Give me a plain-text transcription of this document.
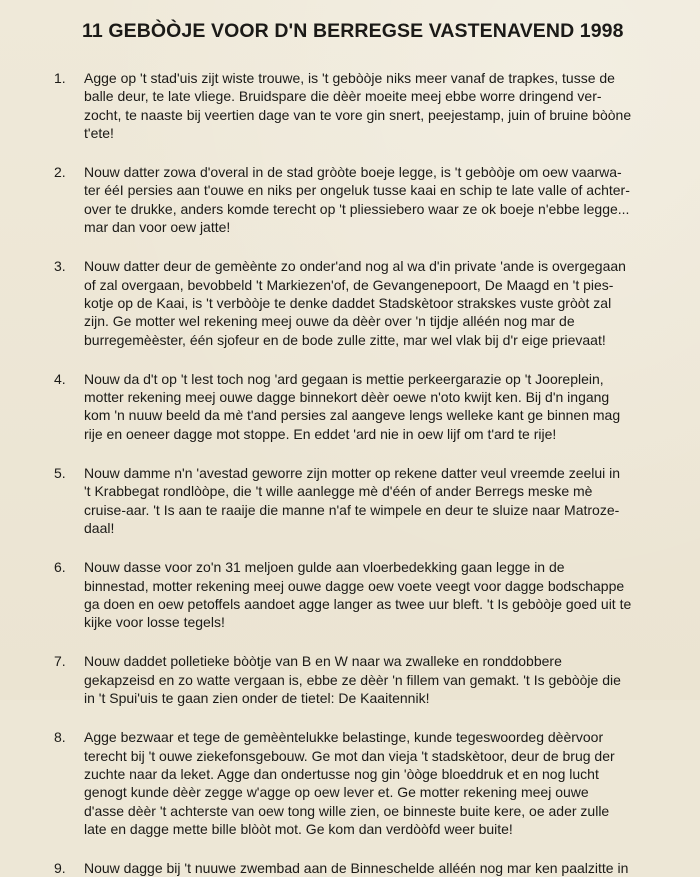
11 GEBÒÒJE VOOR D'N BERREGSE VASTENAVEND 1998
1. Agge op 't stad'uis zijt wiste trouwe, is 't gebòòje niks meer vanaf de trapkes, tusse de
balle deur, te late vliege. Bruidspare die dèèr moeite meej ebbe worre dringend ver-
zocht, te naaste bij veertien dage van te vore gin snert, peejestamp, juin of bruine bòòne
t'ete!

2. Nouw datter zowa d'overal in de stad gròòte boeje legge, is 't gebòòje om oew vaarwa-
ter ééI persies aan t'ouwe en niks per ongeluk tusse kaai en schip te late valle of achter-
over te drukke, anders komde terecht op 't pliessiebero waar ze ok boeje n'ebbe legge...
mar dan voor oew jatte!

3. Nouw datter deur de gemèènte zo onder'and nog al wa d'in private 'ande is overgegaan
of zal overgaan, bevobbeld 't Markiezen'of, de Gevangenepoort, De Maagd en 't pies-
kotje op de Kaai, is 't verbòòje te denke daddet Stadskètoor strakskes vuste gròòt zal
zijn. Ge motter wel rekening meej ouwe da dèèr over 'n tijdje alléén nog mar de
burregemèèster, één sjofeur en de bode zulle zitte, mar wel vlak bij d'r eige prievaat!

4. Nouw da d't op 't lest toch nog 'ard gegaan is mettie perkeergarazie op 't Jooreplein,
motter rekening meej ouwe dagge binnekort dèèr oewe n'oto kwijt ken. Bij d'n ingang
kom 'n nuuw beeld da mè t'and persies zal aangeve lengs welleke kant ge binnen mag
rije en oeneer dagge mot stoppe. En eddet 'ard nie in oew lijf om t'ard te rije!

5. Nouw damme n'n 'avestad geworre zijn motter op rekene datter veul vreemde zeelui in
't Krabbegat rondlòòpe, die 't wille aanlegge mè d'één of ander Berregs meske mè
cruise-aar. 't Is aan te raaije die manne n'af te wimpele en deur te sluize naar Matroze-
daal!

6. Nouw dasse voor zo'n 31 meljoen gulde aan vloerbedekking gaan legge in de
binnestad, motter rekening meej ouwe dagge oew voete veegt voor dagge bodschappe
ga doen en oew petoffels aandoet agge langer as twee uur bleft. 't Is gebòòje goed uit te
kijke voor losse tegels!

7. Nouw daddet polletieke bòòtje van B en W naar wa zwalleke en ronddobbere
gekapzeisd en zo watte vergaan is, ebbe ze dèèr 'n fillem van gemakt. 't Is gebòòje die
in 't Spui'uis te gaan zien onder de tietel: De Kaaitennik!

8. Agge bezwaar et tege de gemèèntelukke belastinge, kunde tegeswoordeg dèèrvoor
terecht bij 't ouwe ziekefonsgebouw. Ge mot dan vieja 't stadskètoor, deur de brug der
zuchte naar da leket. Agge dan ondertusse nog gin 'òòge bloeddruk et en nog lucht
genogt kunde dèèr zegge w'agge op oew lever et. Ge motter rekening meej ouwe
d'asse dèèr 't achterste van oew tong wille zien, oe binneste buite kere, oe ader zulle
late en dagge mette bille blòòt mot. Ge kom dan verdòòfd weer buite!

9. Nouw dagge bij 't nuuwe zwembad aan de Binnescheldе alléén nog mar ken paalzitte in
